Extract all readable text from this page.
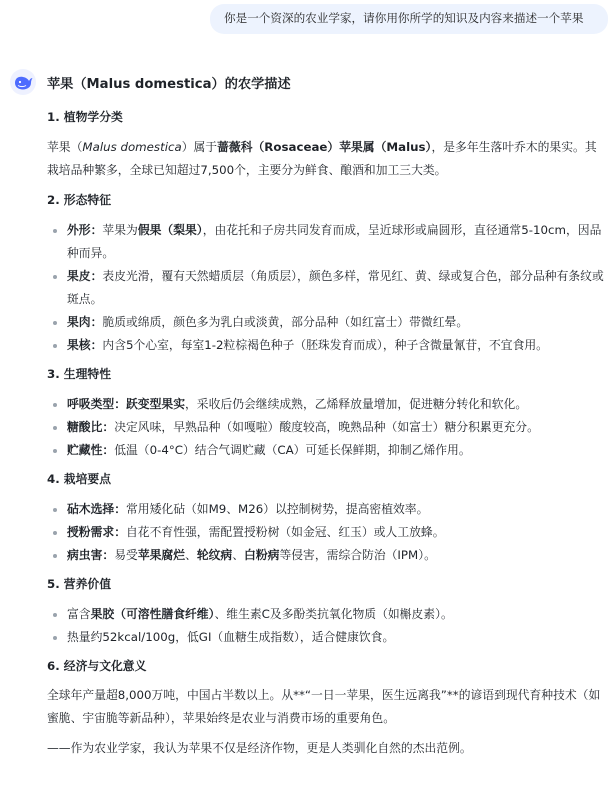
你是一个资深的农业学家，请你用你所学的知识及内容来描述一个苹果
苹果（Malus domestica）的农学描述
1. 植物学分类

苹果（Malus domestica）属于蔷薇科（Rosaceae）苹果属（Malus），是多年生落叶乔木的果实。其栽培品种繁多，全球已知超过7,500个，主要分为鲜食、酿酒和加工三大类。

2. 形态特征
外形：苹果为假果（梨果），由花托和子房共同发育而成，呈近球形或扁圆形，直径通常5-10cm，因品种而异。
果皮：表皮光滑，覆有天然蜡质层（角质层），颜色多样，常见红、黄、绿或复合色，部分品种有条纹或斑点。
果肉：脆质或绵质，颜色多为乳白或淡黄，部分品种（如红富士）带微红晕。
果核：内含5个心室，每室1-2粒棕褐色种子（胚珠发育而成），种子含微量氰苷，不宜食用。
3. 生理特性
呼吸类型：跃变型果实，采收后仍会继续成熟，乙烯释放量增加，促进糖分转化和软化。
糖酸比：决定风味，早熟品种（如嘎啦）酸度较高，晚熟品种（如富士）糖分积累更充分。
贮藏性：低温（0-4°C）结合气调贮藏（CA）可延长保鲜期，抑制乙烯作用。
4. 栽培要点
砧木选择：常用矮化砧（如M9、M26）以控制树势，提高密植效率。
授粉需求：自花不育性强，需配置授粉树（如金冠、红玉）或人工放蜂。
病虫害：易受苹果腐烂、轮纹病、白粉病等侵害，需综合防治（IPM）。
5. 营养价值
富含果胶（可溶性膳食纤维）、维生素C及多酚类抗氧化物质（如槲皮素）。
热量约52kcal/100g，低GI（血糖生成指数），适合健康饮食。
6. 经济与文化意义

全球年产量超8,000万吨，中国占半数以上。从**“一日一苹果，医生远离我”**的谚语到现代育种技术（如蜜脆、宇宙脆等新品种），苹果始终是农业与消费市场的重要角色。

——作为农业学家，我认为苹果不仅是经济作物，更是人类驯化自然的杰出范例。
